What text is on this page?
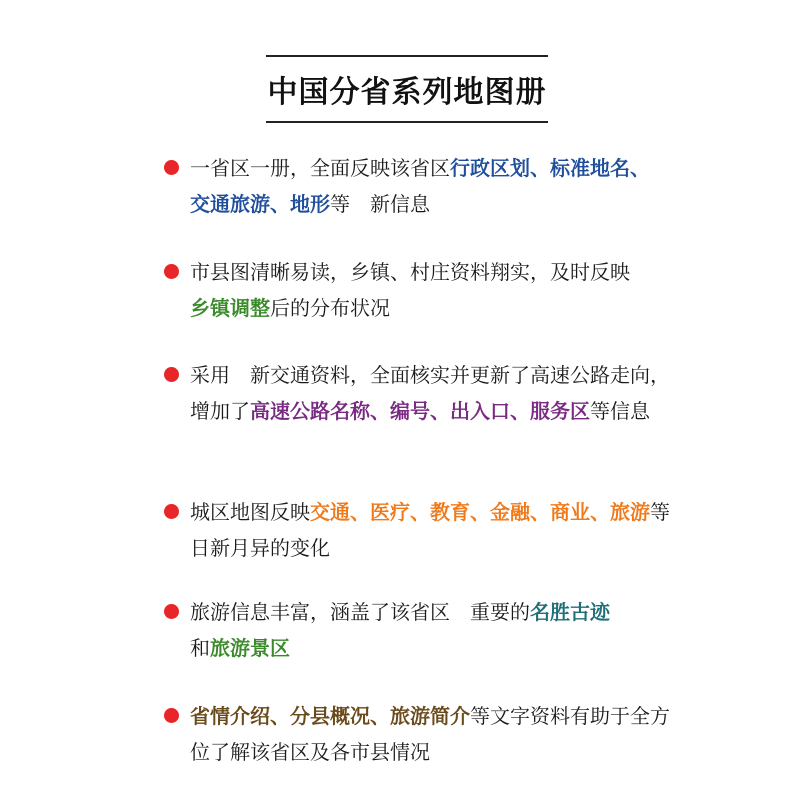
中国分省系列地图册
一省区一册，全面反映该省区行政区划、标准地名、
交通旅游、地形等　新信息
市县图清晰易读，乡镇、村庄资料翔实，及时反映
乡镇调整后的分布状况
采用　新交通资料，全面核实并更新了高速公路走向，增加了高速公路名称、编号、出入口、服务区等信息
城区地图反映交通、医疗、教育、金融、商业、旅游等日新月异的变化
旅游信息丰富，涵盖了该省区　重要的名胜古迹
和旅游景区
省情介绍、分县概况、旅游简介等文字资料有助于全方位了解该省区及各市县情况
